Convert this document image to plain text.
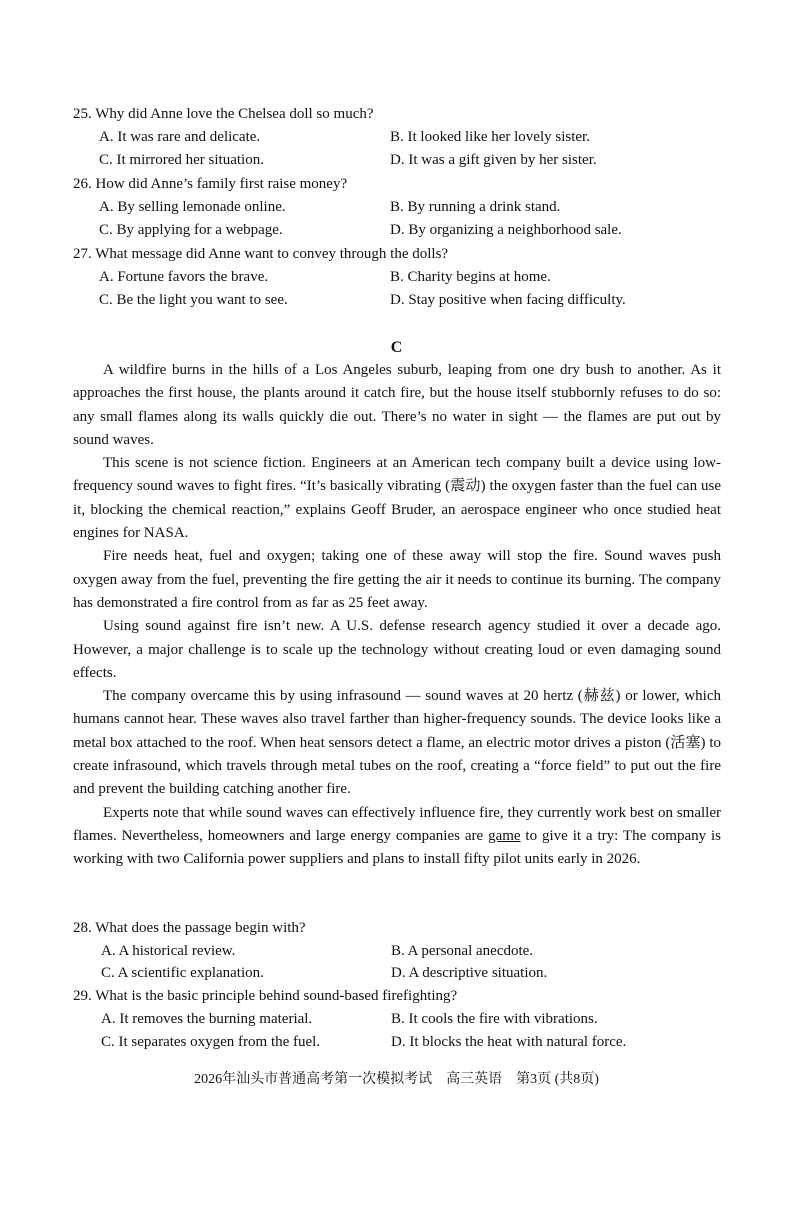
25. Why did Anne love the Chelsea doll so much?
A. It was rare and delicate.	B. It looked like her lovely sister.
C. It mirrored her situation.	D. It was a gift given by her sister.
26. How did Anne’s family first raise money?
A. By selling lemonade online.	B. By running a drink stand.
C. By applying for a webpage.	D. By organizing a neighborhood sale.
27. What message did Anne want to convey through the dolls?
A. Fortune favors the brave.	B. Charity begins at home.
C. Be the light you want to see.	D. Stay positive when facing difficulty.
C

A wildfire burns in the hills of a Los Angeles suburb, leaping from one dry bush to another. As it approaches the first house, the plants around it catch fire, but the house itself stubbornly refuses to do so: any small flames along its walls quickly die out. There’s no water in sight — the flames are put out by sound waves.

This scene is not science fiction. Engineers at an American tech company built a device using low-frequency sound waves to fight fires. “It’s basically vibrating (震动) the oxygen faster than the fuel can use it, blocking the chemical reaction,” explains Geoff Bruder, an aerospace engineer who once studied heat engines for NASA.

Fire needs heat, fuel and oxygen; taking one of these away will stop the fire. Sound waves push oxygen away from the fuel, preventing the fire getting the air it needs to continue its burning. The company has demonstrated a fire control from as far as 25 feet away.

Using sound against fire isn’t new. A U.S. defense research agency studied it over a decade ago. However, a major challenge is to scale up the technology without creating loud or even damaging sound effects.

The company overcame this by using infrasound — sound waves at 20 hertz (赫兹) or lower, which humans cannot hear. These waves also travel farther than higher-frequency sounds. The device looks like a metal box attached to the roof. When heat sensors detect a flame, an electric motor drives a piston (活塞) to create infrasound, which travels through metal tubes on the roof, creating a “force field” to put out the fire and prevent the building catching another fire.

Experts note that while sound waves can effectively influence fire, they currently work best on smaller flames. Nevertheless, homeowners and large energy companies are game to give it a try: The company is working with two California power suppliers and plans to install fifty pilot units early in 2026.

28. What does the passage begin with?
A. A historical review.	B. A personal anecdote.
C. A scientific explanation.	D. A descriptive situation.
29. What is the basic principle behind sound-based firefighting?
A. It removes the burning material.	B. It cools the fire with vibrations.
C. It separates oxygen from the fuel.	D. It blocks the heat with natural force.
2026年汕头市普通高考第一次模拟考试　高三英语　第3页 (共8页)
